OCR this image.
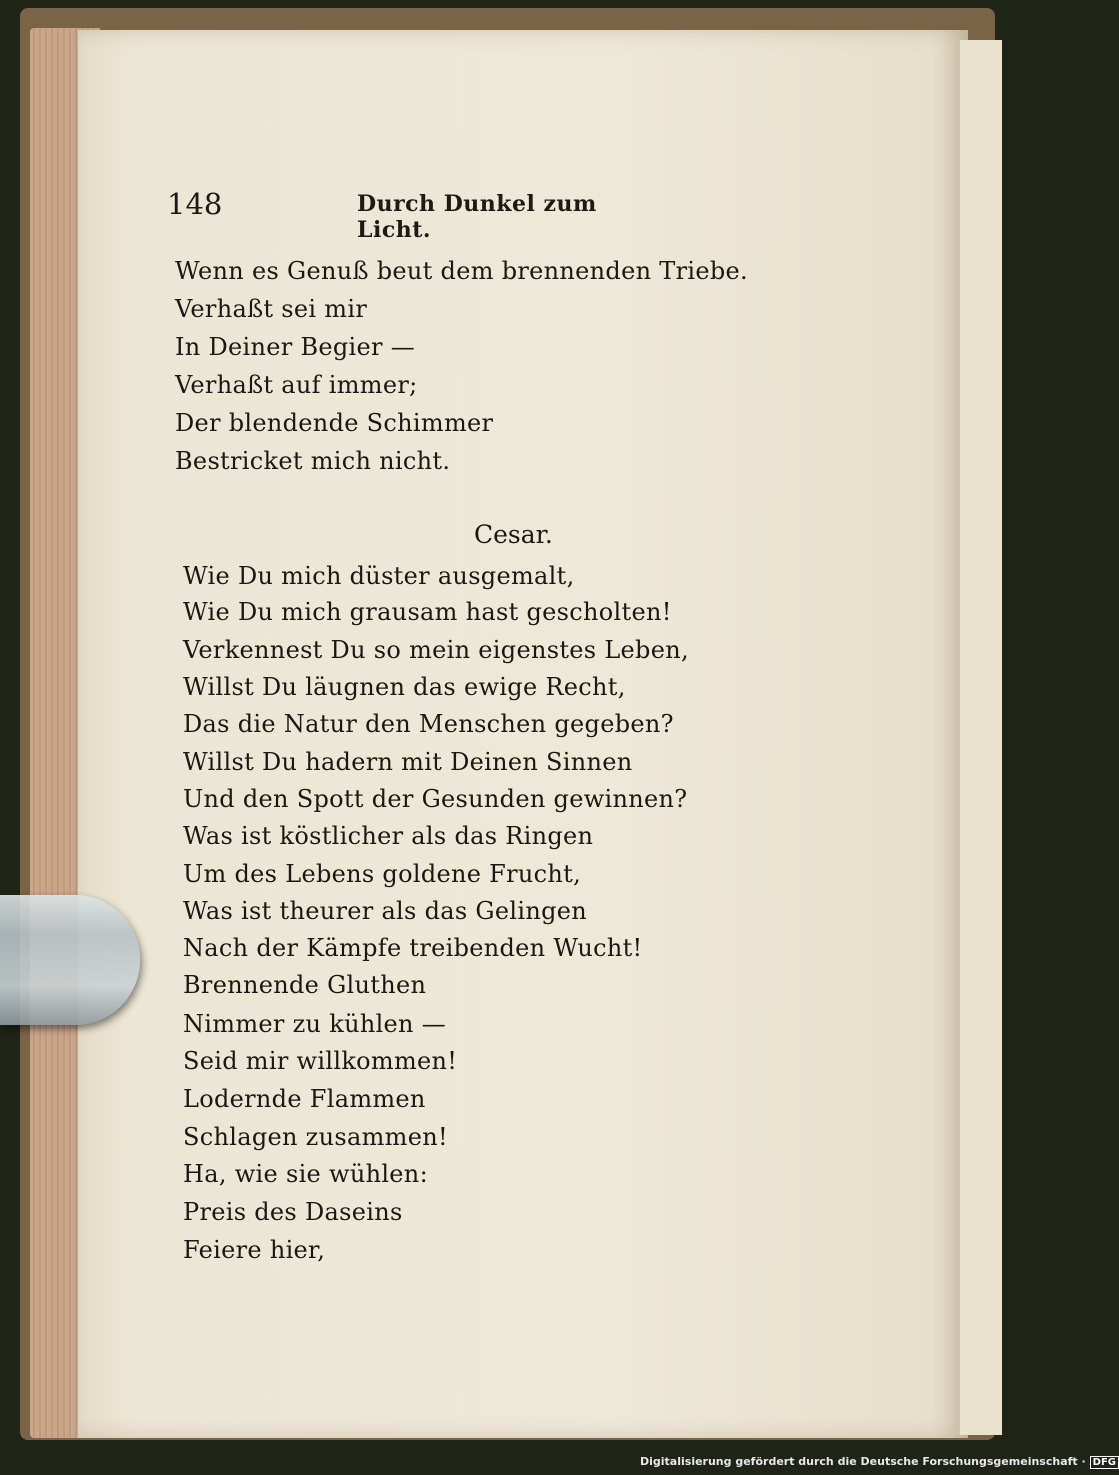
148	Durch Dunkel zum Licht.
Wenn es Genuß beut dem brennenden Triebe.
Verhaßt sei mir
In Deiner Begier —
Verhaßt auf immer;
Der blendende Schimmer
Bestricket mich nicht.
Cesar.
Wie Du mich düster ausgemalt,
Wie Du mich grausam hast gescholten!
Verkennest Du so mein eigenstes Leben,
Willst Du läugnen das ewige Recht,
Das die Natur den Menschen gegeben?
Willst Du hadern mit Deinen Sinnen
Und den Spott der Gesunden gewinnen?
Was ist köstlicher als das Ringen
Um des Lebens goldene Frucht,
Was ist theurer als das Gelingen
Nach der Kämpfe treibenden Wucht!
Brennende Gluthen
Nimmer zu kühlen —
Seid mir willkommen!
Lodernde Flammen
Schlagen zusammen!
Ha, wie sie wühlen:
Preis des Daseins
Feiere hier,
Digitalisierung gefördert durch die Deutsche Forschungsgemeinschaft · DFG
